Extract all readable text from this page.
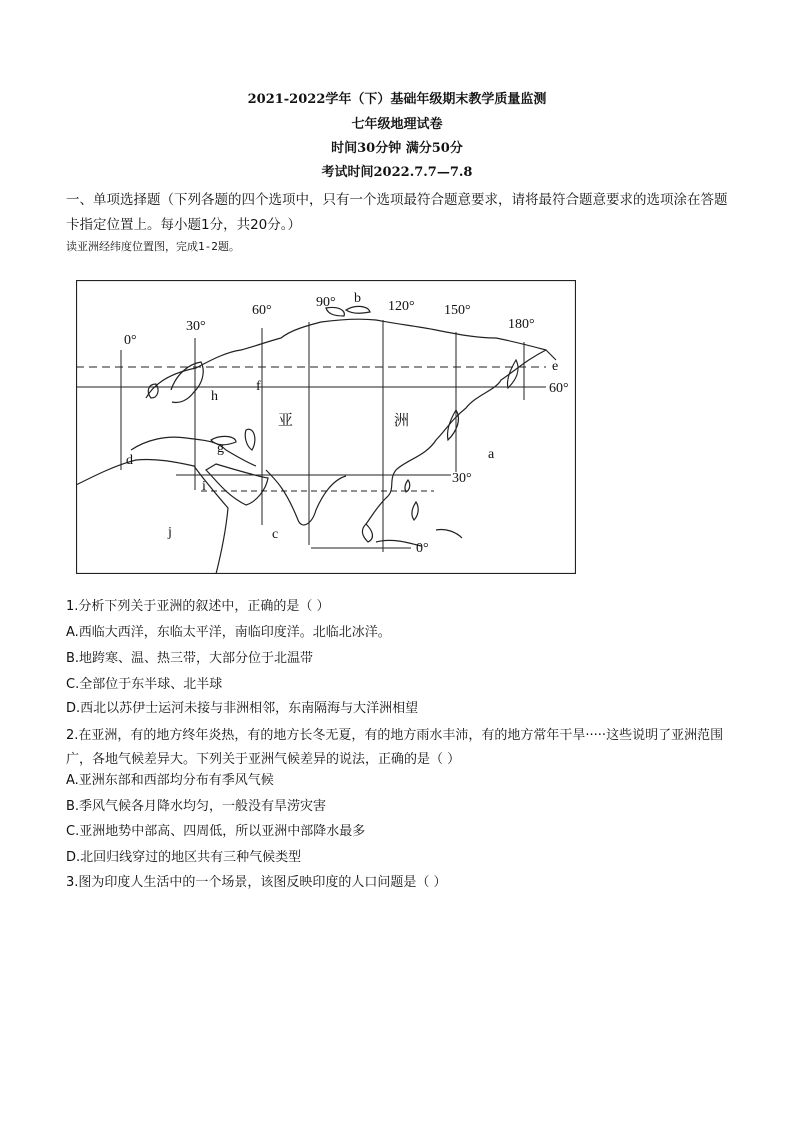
2021-2022学年（下）基础年级期末教学质量监测
七年级地理试卷
时间30分钟 满分50分
考试时间2022.7.7—7.8
一、单项选择题（下列各题的四个选项中，只有一个选项最符合题意要求，请将最符合题意要求的选项涂在答题卡指定位置上。每小题1分，共20分。）
读亚洲经纬度位置图，完成1-2题。
0°
30°
60°
90°	120° 150°
180°
60°
30°
0°
a
b
c
d
e
f
g
h
i
j
亚	洲
1.分析下列关于亚洲的叙述中，正确的是（ ）
A.西临大西洋，东临太平洋，南临印度洋。北临北冰洋。
B.地跨寒、温、热三带，大部分位于北温带
C.全部位于东半球、北半球
D.西北以苏伊士运河未接与非洲相邻，东南隔海与大洋洲相望
2.在亚洲，有的地方终年炎热，有的地方长冬无夏，有的地方雨水丰沛，有的地方常年干旱·····这些说明了亚洲范围广，各地气候差异大。下列关于亚洲气候差异的说法，正确的是（ ）
A.亚洲东部和西部均分布有季风气候
B.季风气候各月降水均匀，一般没有旱涝灾害
C.亚洲地势中部高、四周低，所以亚洲中部降水最多
D.北回归线穿过的地区共有三种气候类型
3.图为印度人生活中的一个场景，该图反映印度的人口问题是（ ）
